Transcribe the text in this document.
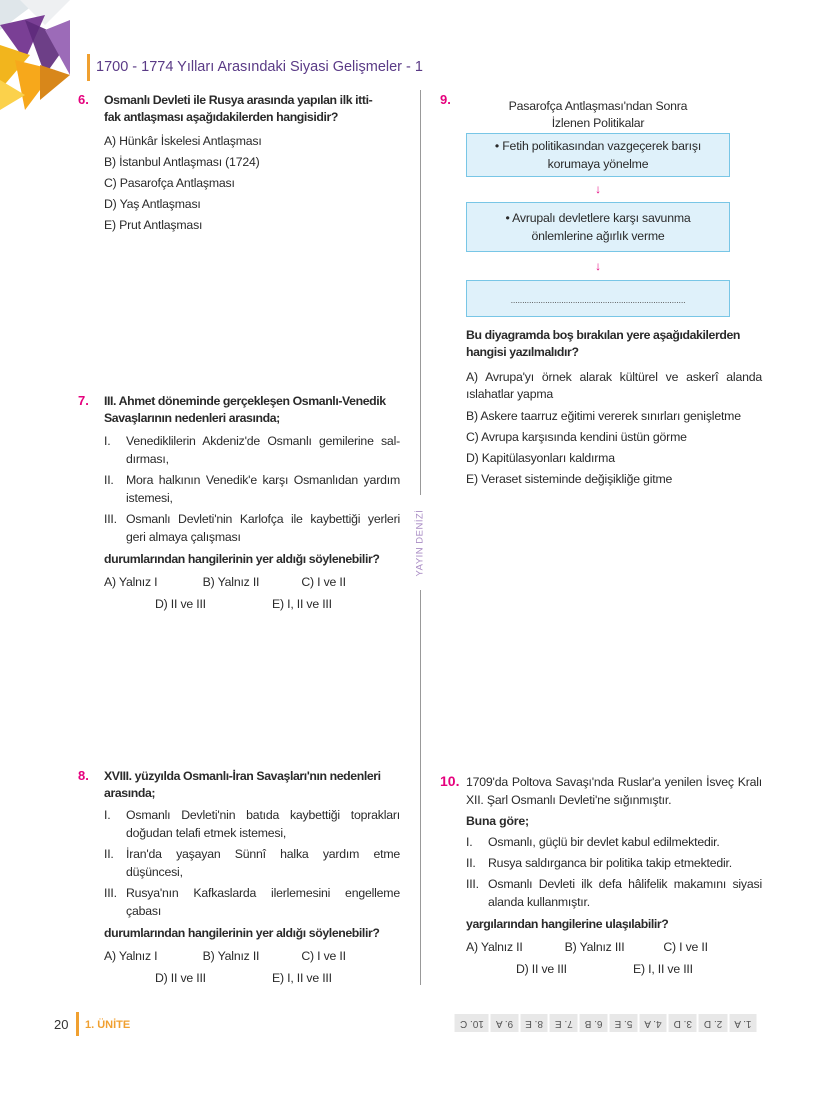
1700 - 1774 Yılları Arasındaki Siyasi Gelişmeler - 1
YAYIN DENİZİ
6. Osmanlı Devleti ile Rusya arasında yapılan ilk itti-
fak antlaşması aşağıdakilerden hangisidir?
A) Hünkâr İskelesi Antlaşması
B) İstanbul Antlaşması (1724)
C) Pasarofça Antlaşması
D) Yaş Antlaşması
E) Prut Antlaşması
7. III. Ahmet döneminde gerçekleşen Osmanlı-Venedik
Savaşlarının nedenleri arasında;
I. Venediklilerin Akdeniz'de Osmanlı gemilerine sal-dırması,
II. Mora halkının Venedik'e karşı Osmanlıdan yardım istemesi,
III. Osmanlı Devleti'nin Karlofça ile kaybettiği yerleri geri almaya çalışması
durumlarından hangilerinin yer aldığı söylenebilir?
A) Yalnız I	B) Yalnız II	C) I ve II
D) II ve III	E) I, II ve III
8. XVIII. yüzyılda Osmanlı-İran Savaşları'nın nedenleri
arasında;
I. Osmanlı Devleti'nin batıda kaybettiği toprakları doğudan telafi etmek istemesi,
II. İran'da yaşayan Sünnî halka yardım etme düşüncesi,
III. Rusya'nın Kafkaslarda ilerlemesini engelleme çabası
durumlarından hangilerinin yer aldığı söylenebilir?
A) Yalnız I	B) Yalnız II	C) I ve II
D) II ve III	E) I, II ve III
9.	Pasarofça Antlaşması'ndan Sonra
İzlenen Politikalar
• Fetih politikasından vazgeçerek barışı
korumaya yönelme
↓
• Avrupalı devletlere karşı savunma
önlemlerine ağırlık verme
↓
............................................................................
Bu diyagramda boş bırakılan yere aşağıdakilerden
hangisi yazılmalıdır?
A) Avrupa'yı örnek alarak kültürel ve askerî alanda ıslahatlar yapma
B) Askere taarruz eğitimi vererek sınırları genişletme
C) Avrupa karşısında kendini üstün görme
D) Kapitülasyonları kaldırma
E) Veraset sisteminde değişikliğe gitme
10. 1709'da Poltova Savaşı'nda Ruslar'a yenilen İsveç Kralı XII. Şarl Osmanlı Devleti'ne sığınmıştır.
Buna göre;
I. Osmanlı, güçlü bir devlet kabul edilmektedir.
II. Rusya saldırganca bir politika takip etmektedir.
III. Osmanlı Devleti ilk defa hâlifelik makamını siyasi alanda kullanmıştır.
yargılarından hangilerine ulaşılabilir?
A) Yalnız II	B) Yalnız III	C) I ve II
D) II ve III	E) I, II ve III
20 1. ÜNİTE	1. A
2. D
3. D
4. A
5. E
6. B
7. E
8. E
9. A
10. C
